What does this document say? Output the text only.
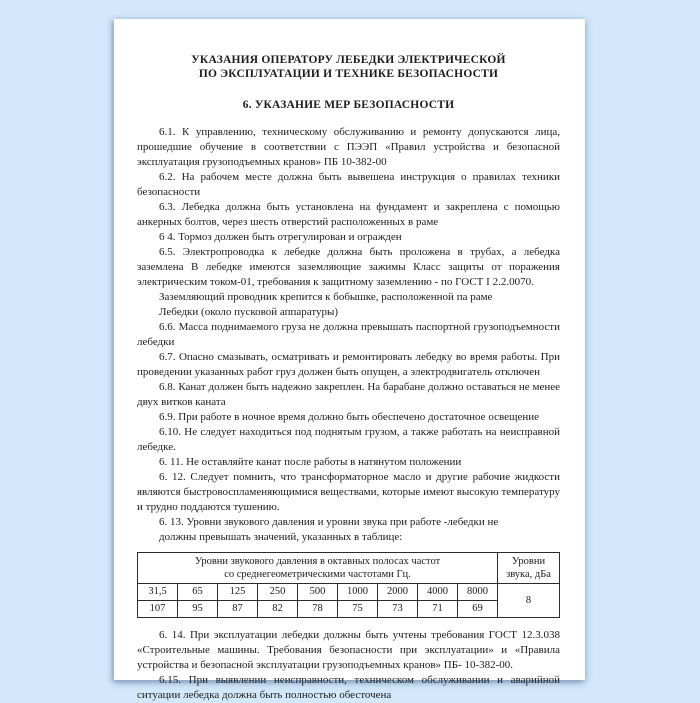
УКАЗАНИЯ ОПЕРАТОРУ ЛЕБЕДКИ ЭЛЕКТРИЧЕСКОЙ
ПО ЭКСПЛУАТАЦИИ И ТЕХНИКЕ БЕЗОПАСНОСТИ
6. УКАЗАНИЕ МЕР БЕЗОПАСНОСТИ

6.1. К управлению, техническому обслуживанию и ремонту допускаются лица, прошедшие обучение в соответствии с ПЭЭП «Правил устройства и безопасной эксплуатация грузоподъемных кранов» ПБ 10-382-00

6.2. На рабочем месте должна быть вывешена инструкция о правилах техники безопасности

6.3. Лебедка должна быть установлена на фундамент и закреплена с помощью анкерных болтов, через шесть отверстий расположенных в раме

6 4. Тормоз должен быть отрегулирован и огражден

6.5. Электропроводка к лебедке должна быть проложена в трубах, а лебедка заземлена В лебедке имеются заземляющие зажимы Класс защиты от поражения электрическим током-01, требования к защитному заземлению - по ГОСТ I 2.2.0070.

Заземляющий проводник крепится к бобышке, расположенной па раме

Лебедки (около пусковой аппаратуры)

6.6. Масса поднимаемого груза не должна превышать паспортной грузоподъемности лебедки

6.7. Опасно смазывать, осматривать и ремонтировать лебедку во время работы. При проведении указанных работ груз должен быть опущен, а электродвигатель отключен

6.8. Канат должен быть надежно закреплен. На барабане должно оставаться не менее двух витков каната

6.9. При работе в ночное время должно быть обеспечено достаточное освещение

6.10. Не следует находиться под поднятым грузом, а также работать на неисправной лебедке.

6. 11. Не оставляйте канат после работы в натянутом положении

6. 12. Следует помнить, что трансформаторное масло и другие рабочие жидкости являются быстровоспламеняющимися веществами, которые имеют высокую температуру и трудно поддаются тушению.

6. 13. Уровни звукового давления и уровни звука при работе -лебедки не

должны превышать значений, указанных в таблице:

Уровни звукового давления в октавных полосах частот
со среднегеометрическими частотами Гц.

Уровни
звука, дБа

31,5	65	125	250	500	1000	2000	4000	8000	8
107	95	87	82	78	75	73	71	69	

6. 14. При эксплуатации лебедки должны быть учтены требования ГОСТ 12.3.038 «Строительные машины. Требования безопасности при эксплуатации» и «Правила устройства и безопасной эксплуатации грузоподъемных кранов» ПБ- 10-382-00.

6.15. При выявлении неисправности, техническом обслуживании и аварийной ситуации лебедка должна быть полностью обесточена
